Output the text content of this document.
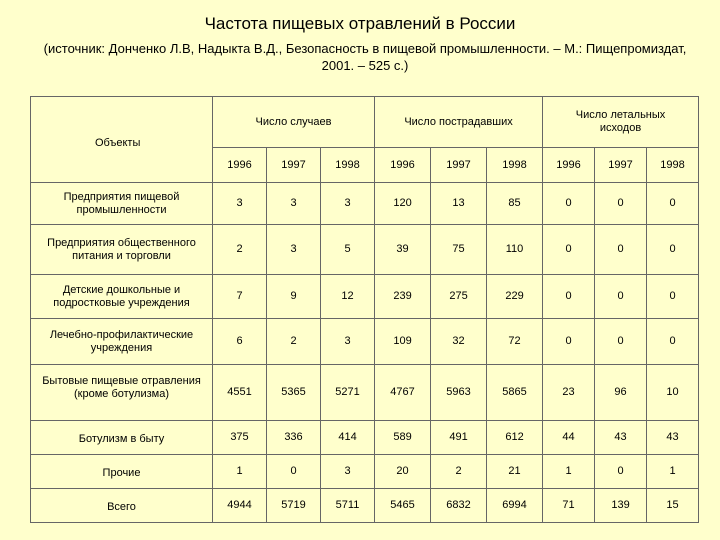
Частота пищевых отравлений в России
(источник: Донченко Л.В, Надыкта В.Д., Безопасность в пищевой промышленности. – М.: Пищепромиздат, 2001. – 525 с.)
Объекты	Число случаев			Число пострадавших			Число летальных исходов		

	1996	1997	1998	1996	1997	1998	1996	1997	1998
Предприятия пищевой промышленности	3	3	3	120	13	85	0	0	0
Предприятия общественного питания и торговли	2	3	5	39	75	110	0	0	0
Детские дошкольные и подростковые учреждения	7	9	12	239	275	229	0	0	0
Лечебно-профилактические учреждения	6	2	3	109	32	72	0	0	0
Бытовые пищевые отравления (кроме ботулизма)	4551	5365	5271	4767	5963	5865	23	96	10
Ботулизм в быту	375	336	414	589	491	612	44	43	43
Прочие	1	0	3	20	2	21	1	0	1
Всего	4944	5719	5711	5465	6832	6994	71	139	15
